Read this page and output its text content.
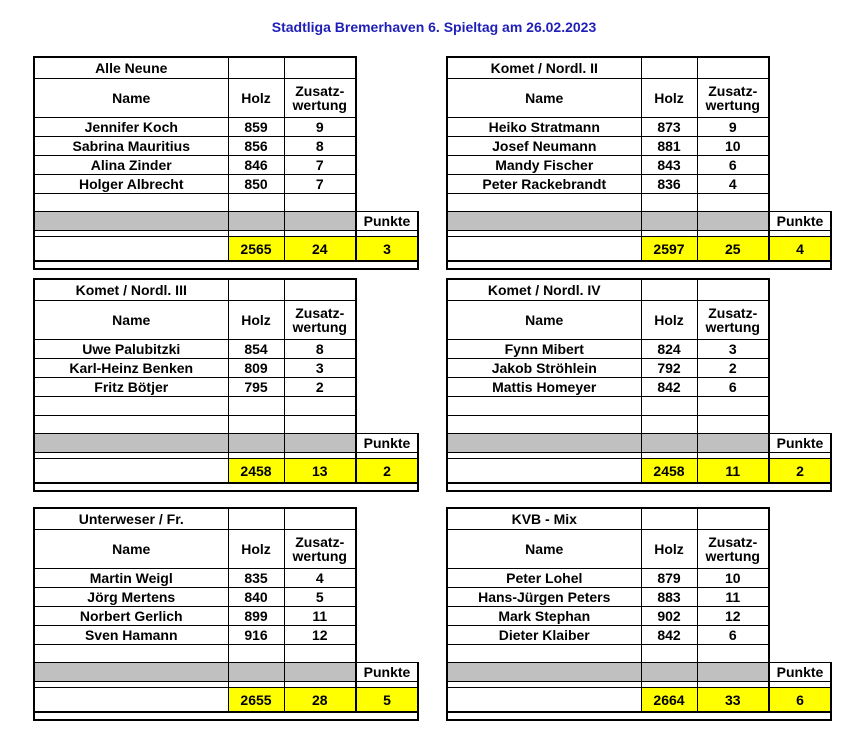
Stadtliga Bremerhaven 6. Spieltag am 26.02.2023
Alle Neune			
Name	Holz	Zusatz-
wertung	
Jennifer Koch	859	9	
Sabrina Mauritius	856	8	
Alina Zinder	846	7	
Holger Albrecht	850	7	

			Punkte

	2565	24	3

Komet / Nordl. II			
Name	Holz	Zusatz-
wertung	
Heiko Stratmann	873	9	
Josef Neumann	881	10	
Mandy Fischer	843	6	
Peter Rackebrandt	836	4	

			Punkte

	2597	25	4

Komet / Nordl. III			
Name	Holz	Zusatz-
wertung	
Uwe Palubitzki	854	8	
Karl-Heinz Benken	809	3	
Fritz Bötjer	795	2	

			Punkte

	2458	13	2

Komet / Nordl. IV			
Name	Holz	Zusatz-
wertung	
Fynn Mibert	824	3	
Jakob Ströhlein	792	2	
Mattis Homeyer	842	6	

			Punkte

	2458	11	2

Unterweser / Fr.			
Name	Holz	Zusatz-
wertung	
Martin Weigl	835	4	
Jörg Mertens	840	5	
Norbert Gerlich	899	11	
Sven Hamann	916	12	

			Punkte

	2655	28	5

KVB - Mix			
Name	Holz	Zusatz-
wertung	
Peter Lohel	879	10	
Hans-Jürgen Peters	883	11	
Mark Stephan	902	12	
Dieter Klaiber	842	6	

			Punkte

	2664	33	6
